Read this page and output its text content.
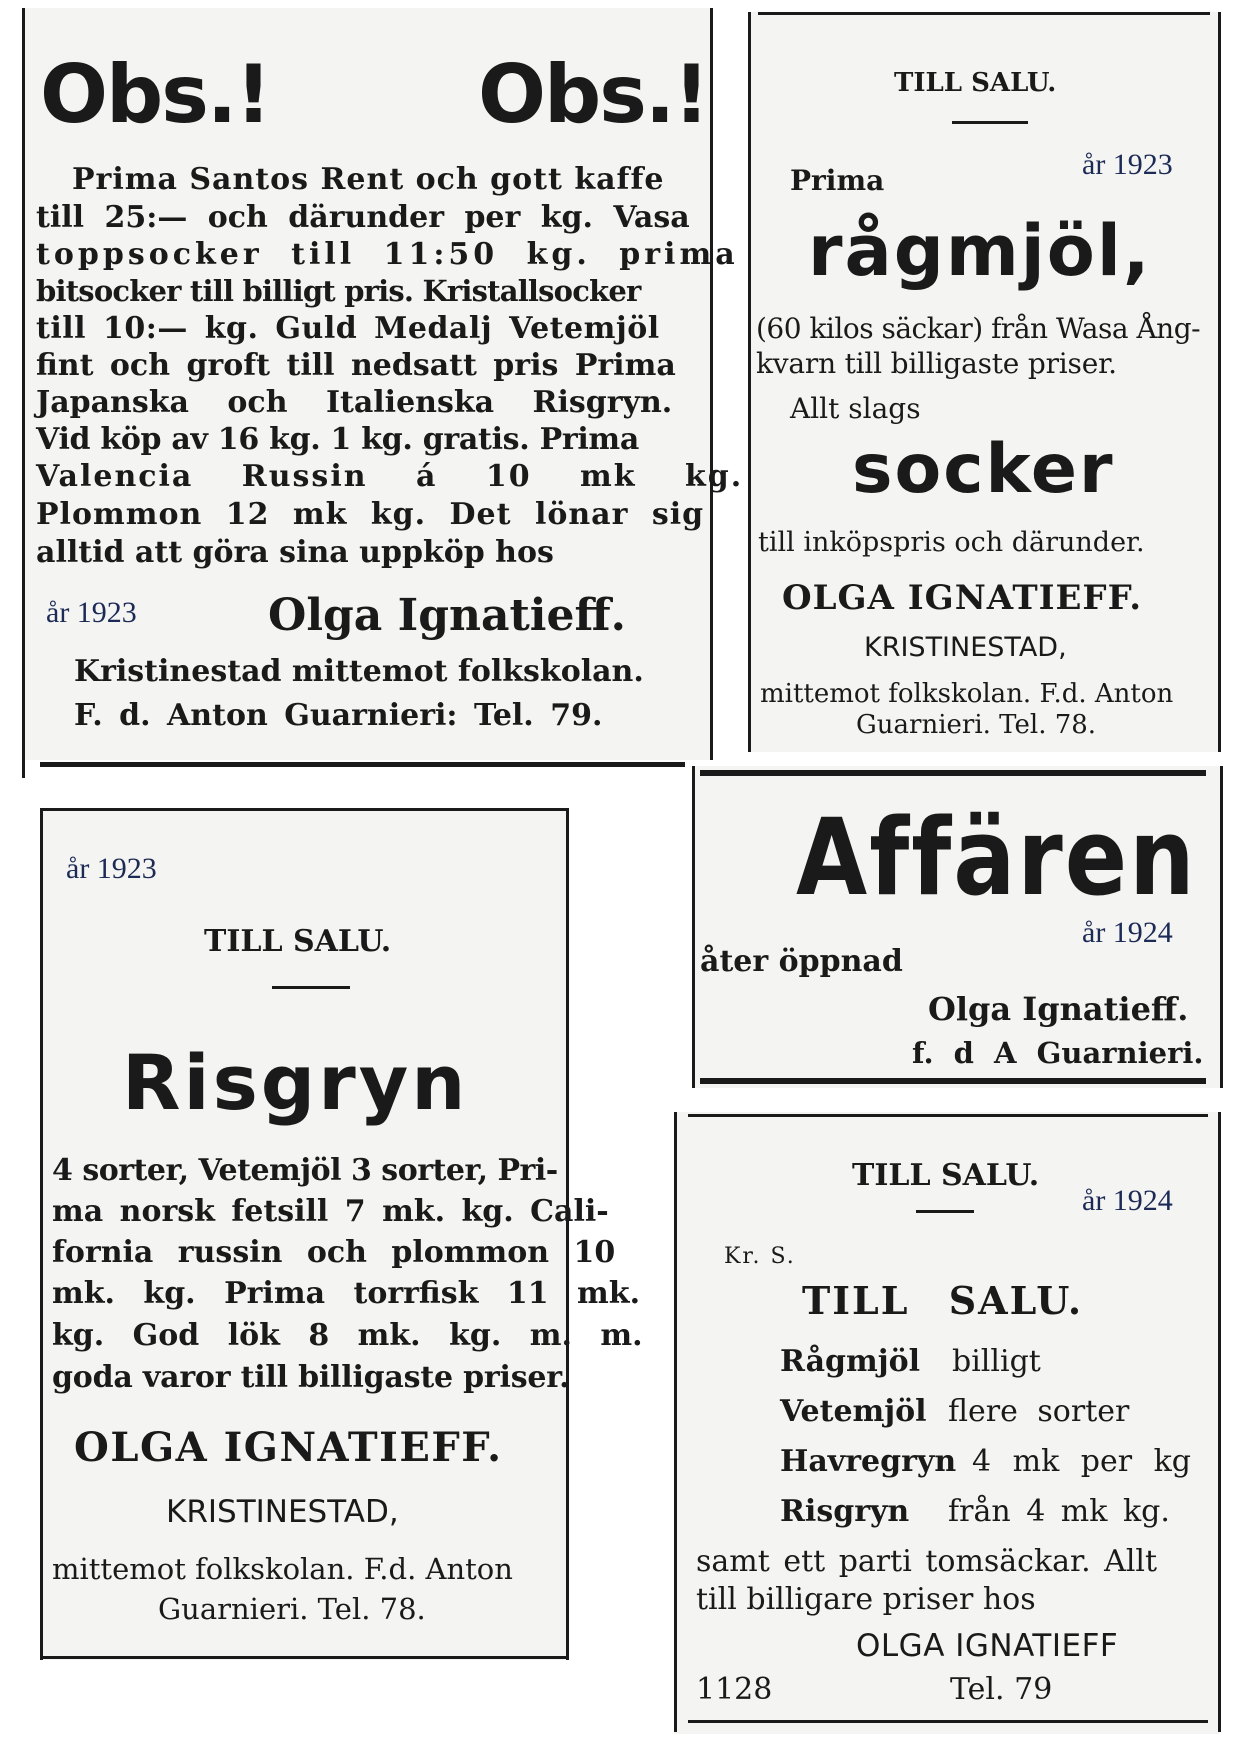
Obs.!	Obs.!
Prima Santos Rent och gott kaffe
till 25:— och därunder per kg. Vasa
toppsocker till 11:50 kg. prima
bitsocker till billigt pris. Kristallsocker
till 10:— kg. Guld Medalj Vetemjöl
fint och groft till nedsatt pris Prima
Japanska och Italienska Risgryn.
Vid köp av 16 kg. 1 kg. gratis. Prima
Valencia Russin á 10 mk kg.
Plommon 12 mk kg. Det lönar sig
alltid att göra sina uppköp hos
år 1923	Olga Ignatieff.
Kristinestad mittemot folkskolan.
F. d. Anton Guarnieri: Tel. 79.
TILL SALU.
år 1923
Prima
rågmjöl,
(60 kilos säckar) från Wasa Ång-
kvarn till billigaste priser.
Allt slags
socker
till inköpspris och därunder.
OLGA IGNATIEFF.
KRISTINESTAD,
mittemot folkskolan. F.d. Anton
Guarnieri. Tel. 78.
år 1923
TILL SALU.
Risgryn
4 sorter, Vetemjöl 3 sorter, Pri-
ma norsk fetsill 7 mk. kg. Cali-
fornia russin och plommon 10
mk. kg. Prima torrfisk 11 mk.
kg. God lök 8 mk. kg. m. m.
goda varor till billigaste priser.
OLGA IGNATIEFF.
KRISTINESTAD,
mittemot folkskolan. F.d. Anton
Guarnieri. Tel. 78.
Affären
år 1924
åter öppnad
Olga Ignatieff.
f. d A Guarnieri.
TILL SALU.
år 1924
Kr. S.
TILL SALU.
Rågmjöl billigt
Vetemjöl flere sorter
Havregryn 4 mk per kg
Risgryn från 4 mk kg.
samt ett parti tomsäckar. Allt
till billigare priser hos
OLGA IGNATIEFF
1128	Tel. 79
